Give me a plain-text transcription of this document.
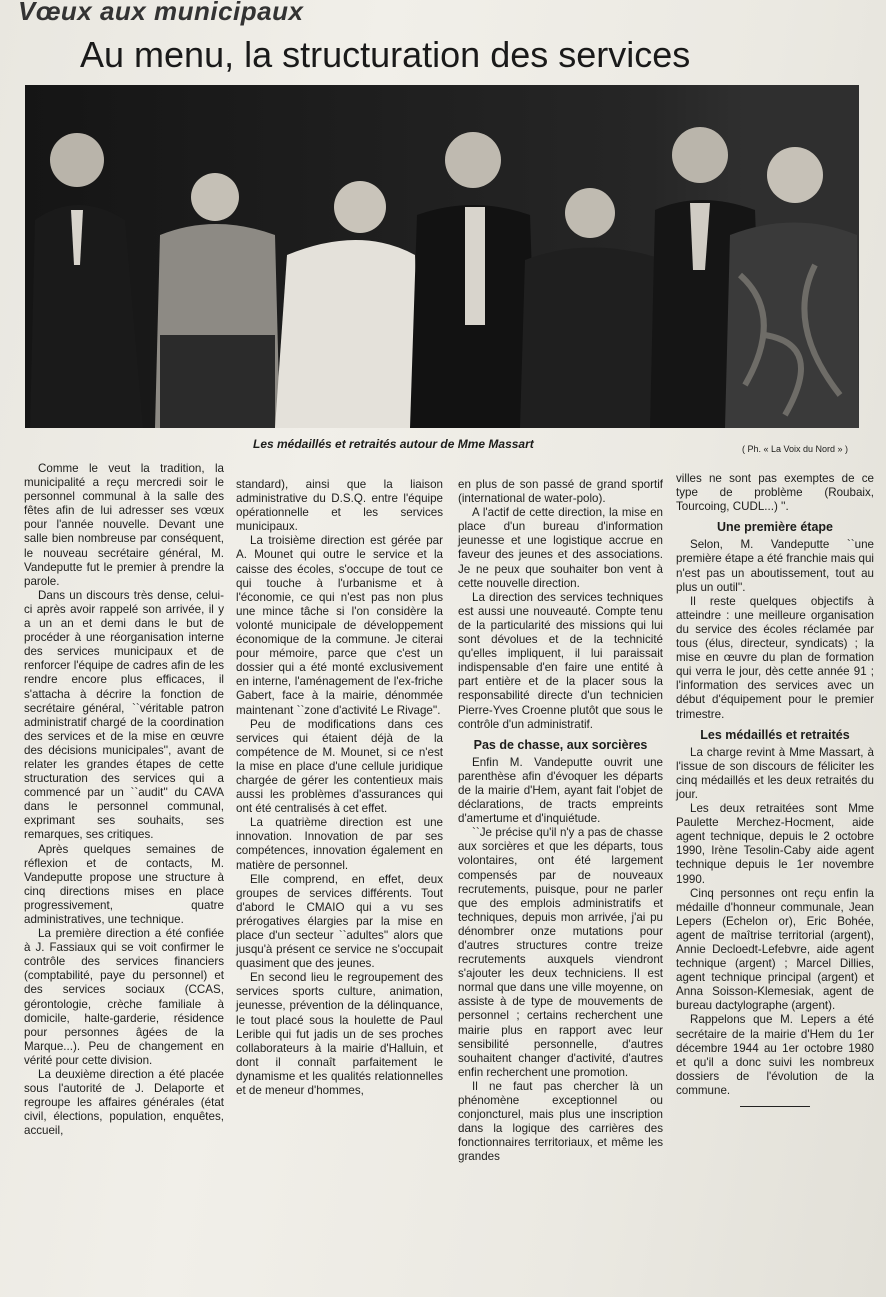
Vœux aux municipaux
Au menu, la structuration des services
Les médaillés et retraités autour de Mme Massart	( Ph. « La Voix du Nord » )

Comme le veut la tradition, la municipalité a reçu mercredi soir le personnel communal à la salle des fêtes afin de lui adresser ses vœux pour l'année nouvelle. Devant une salle bien nombreuse par conséquent, le nouveau secrétaire général, M. Vandeputte fut le premier à prendre la parole.

Dans un discours très dense, celui-ci après avoir rappelé son arrivée, il y a un an et demi dans le but de procéder à une réorganisation interne des services municipaux et de renforcer l'équipe de cadres afin de les rendre encore plus efficaces, il s'attacha à décrire la fonction de secrétaire général, ``véritable patron administratif chargé de la coordination des services et de la mise en œuvre des décisions municipales'', avant de relater les grandes étapes de cette structuration des services qui a commencé par un ``audit'' du CAVA dans le personnel communal, exprimant ses souhaits, ses remarques, ses critiques.

Après quelques semaines de réflexion et de contacts, M. Vandeputte propose une structure à cinq directions mises en place progressivement, quatre administratives, une technique.

La première direction a été confiée à J. Fassiaux qui se voit confirmer le contrôle des services financiers (comptabilité, paye du personnel) et des services sociaux (CCAS, gérontologie, crèche familiale à domicile, halte-garderie, résidence pour personnes âgées de la Marque...). Peu de changement en vérité pour cette division.

La deuxième direction a été placée sous l'autorité de J. Delaporte et regroupe les affaires générales (état civil, élections, population, enquêtes, accueil,

standard), ainsi que la liaison administrative du D.S.Q. entre l'équipe opérationnelle et les services municipaux.

La troisième direction est gérée par A. Mounet qui outre le service et la caisse des écoles, s'occupe de tout ce qui touche à l'urbanisme et à l'économie, ce qui n'est pas non plus une mince tâche si l'on considère la volonté municipale de développement économique de la commune. Je citerai pour mémoire, parce que c'est un dossier qui a été monté exclusivement en interne, l'aménagement de l'ex-friche Gabert, face à la mairie, dénommée maintenant ``zone d'activité Le Rivage''.

Peu de modifications dans ces services qui étaient déjà de la compétence de M. Mounet, si ce n'est la mise en place d'une cellule juridique chargée de gérer les contentieux mais aussi les problèmes d'assurances qui ont été centralisés à cet effet.

La quatrième direction est une innovation. Innovation de par ses compétences, innovation également en matière de personnel.

Elle comprend, en effet, deux groupes de services différents. Tout d'abord le CMAIO qui a vu ses prérogatives élargies par la mise en place d'un secteur ``adultes'' alors que jusqu'à présent ce service ne s'occupait quasiment que des jeunes.

En second lieu le regroupement des services sports culture, animation, jeunesse, prévention de la délinquance, le tout placé sous la houlette de Paul Lerible qui fut jadis un de ses proches collaborateurs à la mairie d'Halluin, et dont il connaît parfaitement le dynamisme et les qualités relationnelles et de meneur d'hommes,

en plus de son passé de grand sportif (international de water-polo).

A l'actif de cette direction, la mise en place d'un bureau d'information jeunesse et une logistique accrue en faveur des jeunes et des associations. Je ne peux que souhaiter bon vent à cette nouvelle direction.

La direction des services techniques est aussi une nouveauté. Compte tenu de la particularité des missions qui lui sont dévolues et de la technicité qu'elles impliquent, il lui paraissait indispensable d'en faire une entité à part entière et de la placer sous la responsabilité directe d'un technicien Pierre-Yves Croenne plutôt que sous le contrôle d'un administratif.

Pas de chasse, aux sorcières

Enfin M. Vandeputte ouvrit une parenthèse afin d'évoquer les départs de la mairie d'Hem, ayant fait l'objet de déclarations, de tracts empreints d'amertume et d'inquiétude.

``Je précise qu'il n'y a pas de chasse aux sorcières et que les départs, tous volontaires, ont été largement compensés par de nouveaux recrutements, puisque, pour ne parler que des emplois administratifs et techniques, depuis mon arrivée, j'ai pu dénombrer onze mutations pour d'autres structures contre treize recrutements auxquels viendront s'ajouter les deux techniciens. Il est normal que dans une ville moyenne, on assiste à de type de mouvements de personnel ; certains recherchent une mairie plus en rapport avec leur sensibilité personnelle, d'autres souhaitent changer d'activité, d'autres enfin recherchent une promotion.

Il ne faut pas chercher là un phénomène exceptionnel ou conjoncturel, mais plus une inscription dans la logique des carrières des fonctionnaires territoriaux, et même les grandes

villes ne sont pas exemptes de ce type de problème (Roubaix, Tourcoing, CUDL...) ''.

Une première étape

Selon, M. Vandeputte ``une première étape a été franchie mais qui n'est pas un aboutissement, tout au plus un outil''.

Il reste quelques objectifs à atteindre : une meilleure organisation du service des écoles réclamée par tous (élus, directeur, syndicats) ; la mise en œuvre du plan de formation qui verra le jour, dès cette année 91 ; l'information des services avec un début d'équipement pour le premier trimestre.

Les médaillés et retraités

La charge revint à Mme Massart, à l'issue de son discours de féliciter les cinq médaillés et les deux retraités du jour.

Les deux retraitées sont Mme Paulette Merchez-Hocment, aide agent technique, depuis le 2 octobre 1990, Irène Tesolin-Caby aide agent technique depuis le 1er novembre 1990.

Cinq personnes ont reçu enfin la médaille d'honneur communale, Jean Lepers (Echelon or), Eric Bohée, agent de maîtrise territorial (argent), Annie Decloedt-Lefebvre, aide agent technique (argent) ; Marcel Dillies, agent technique principal (argent) et Anna Soisson-Klemesiak, agent de bureau dactylographe (argent).

Rappelons que M. Lepers a été secrétaire de la mairie d'Hem du 1er décembre 1944 au 1er octobre 1980 et qu'il a donc suivi les nombreux dossiers de l'évolution de la commune.
